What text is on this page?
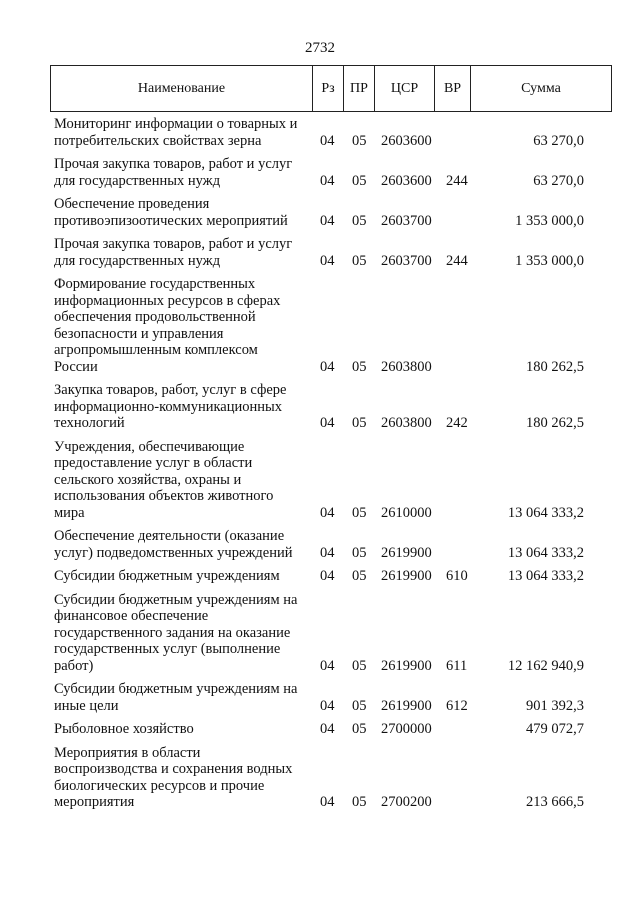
2732
Наименование	Рз	ПР	ЦСР	ВР	Сумма
Мониторинг информации о товарных и
потребительских свойствах зерна	04 05 2603600	63 270,0
Прочая закупка товаров, работ и услуг
для государственных нужд	04 05 2603600 244	63 270,0
Обеспечение проведения
противоэпизоотических мероприятий	04 05 2603700	1 353 000,0
Прочая закупка товаров, работ и услуг
для государственных нужд	04 05 2603700 244	1 353 000,0
Формирование государственных
информационных ресурсов в сферах
обеспечения продовольственной
безопасности и управления
агропромышленным комплексом
России	04 05 2603800	180 262,5
Закупка товаров, работ, услуг в сфере
информационно-коммуникационных
технологий	04 05 2603800 242	180 262,5
Учреждения, обеспечивающие
предоставление услуг в области
сельского хозяйства, охраны и
использования объектов животного
мира	04 05 2610000	13 064 333,2
Обеспечение деятельности (оказание
услуг) подведомственных учреждений	04 05 2619900	13 064 333,2
Субсидии бюджетным учреждениям	04 05 2619900 610	13 064 333,2
Субсидии бюджетным учреждениям на
финансовое обеспечение
государственного задания на оказание
государственных услуг (выполнение
работ)	04 05 2619900 611	12 162 940,9
Субсидии бюджетным учреждениям на
иные цели	04 05 2619900 612	901 392,3
Рыболовное хозяйство	04 05 2700000	479 072,7
Мероприятия в области
воспроизводства и сохранения водных
биологических ресурсов и прочие
мероприятия	04 05 2700200	213 666,5
